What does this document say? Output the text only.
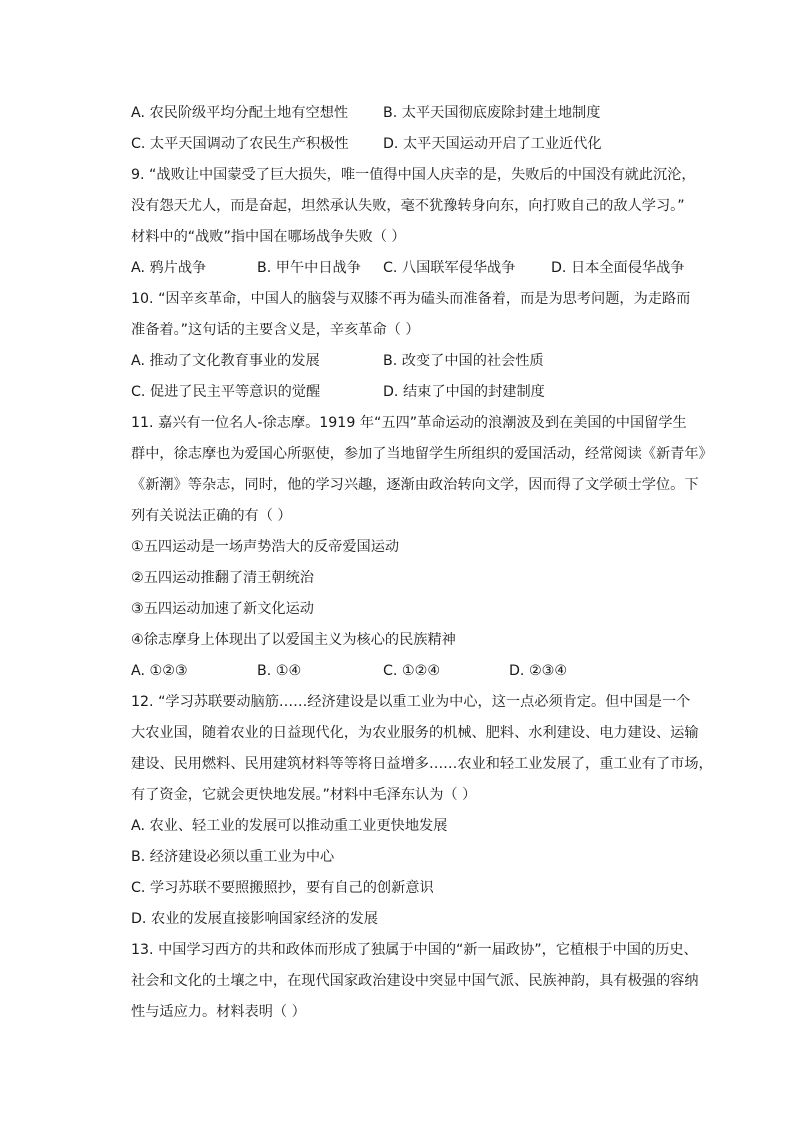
A. 农民阶级平均分配土地有空想性 B. 太平天国彻底废除封建土地制度
C. 太平天国调动了农民生产积极性 D. 太平天国运动开启了工业近代化
9. “战败让中国蒙受了巨大损失，唯一值得中国人庆幸的是，失败后的中国没有就此沉沦，
没有怨天尤人，而是奋起，坦然承认失败，毫不犹豫转身向东，向打败自己的敌人学习。”
材料中的“战败”指中国在哪场战争失败（ ）
A. 鸦片战争	B. 甲午中日战争 C. 八国联军侵华战争	D. 日本全面侵华战争
10. “因辛亥革命，中国人的脑袋与双膝不再为磕头而准备着，而是为思考问题，为走路而
准备着。”这句话的主要含义是，辛亥革命（ ）
A. 推动了文化教育事业的发展	B. 改变了中国的社会性质
C. 促进了民主平等意识的觉醒	D. 结束了中国的封建制度
11. 嘉兴有一位名人-徐志摩。1919 年“五四”革命运动的浪潮波及到在美国的中国留学生
群中，徐志摩也为爱国心所驱使，参加了当地留学生所组织的爱国活动，经常阅读《新青年》
《新潮》等杂志，同时，他的学习兴趣，逐渐由政治转向文学，因而得了文学硕士学位。下
列有关说法正确的有（ ）
①五四运动是一场声势浩大的反帝爱国运动
②五四运动推翻了清王朝统治
③五四运动加速了新文化运动
④徐志摩身上体现出了以爱国主义为核心的民族精神
A. ①②③	B. ①④	C. ①②④	D. ②③④
12. “学习苏联要动脑筋……经济建设是以重工业为中心，这一点必须肯定。但中国是一个
大农业国，随着农业的日益现代化，为农业服务的机械、肥料、水利建设、电力建设、运输
建设、民用燃料、民用建筑材料等等将日益增多……农业和轻工业发展了，重工业有了市场，
有了资金，它就会更快地发展。”材料中毛泽东认为（ ）
A. 农业、轻工业的发展可以推动重工业更快地发展
B. 经济建设必须以重工业为中心
C. 学习苏联不要照搬照抄，要有自己的创新意识
D. 农业的发展直接影响国家经济的发展
13. 中国学习西方的共和政体而形成了独属于中国的“新一届政协”，它植根于中国的历史、
社会和文化的土壤之中，在现代国家政治建设中突显中国气派、民族神韵，具有极强的容纳
性与适应力。材料表明（ ）
